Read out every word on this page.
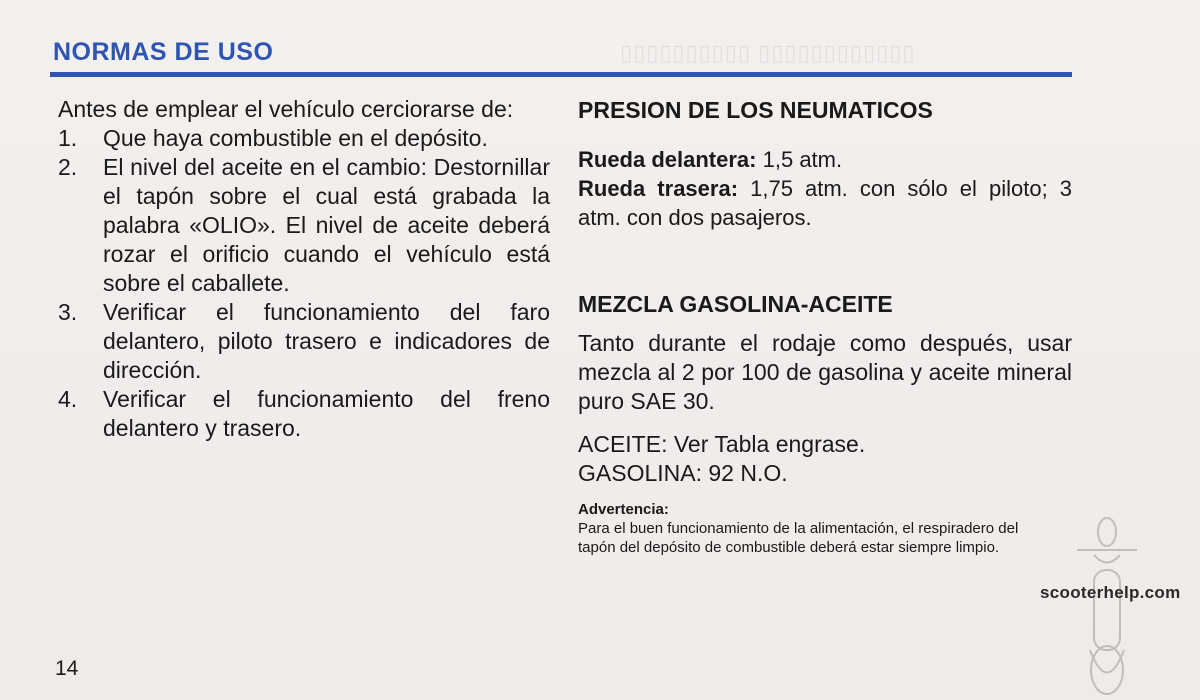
▯▯▯▯▯▯▯▯▯▯ ▯▯▯▯▯▯▯▯▯▯▯▯
NORMAS DE USO

Antes de emplear el vehículo cerciorarse de:

1.	Que haya combustible en el depósito.
2.	El nivel del aceite en el cambio: Destornillar el tapón sobre el cual está grabada la palabra «OLIO». El nivel de aceite deberá rozar el orificio cuando el vehículo está sobre el caballete.
3.	Verificar el funcionamiento del faro delantero, piloto trasero e indicadores de dirección.
4.	Verificar el funcionamiento del freno delantero y trasero.
PRESION DE LOS NEUMATICOS

Rueda delantera: 1,5 atm.

Rueda trasera: 1,75 atm. con sólo el piloto; 3 atm. con dos pasajeros.

MEZCLA GASOLINA-ACEITE

Tanto durante el rodaje como después, usar mezcla al 2 por 100 de gasolina y aceite mineral puro SAE 30.

ACEITE: Ver Tabla engrase.
GASOLINA: 92 N.O.
Advertencia:
Para el buen funcionamiento de la alimentación, el respiradero del tapón del depósito de combustible deberá estar siempre limpio.
14
scooterhelp.com
